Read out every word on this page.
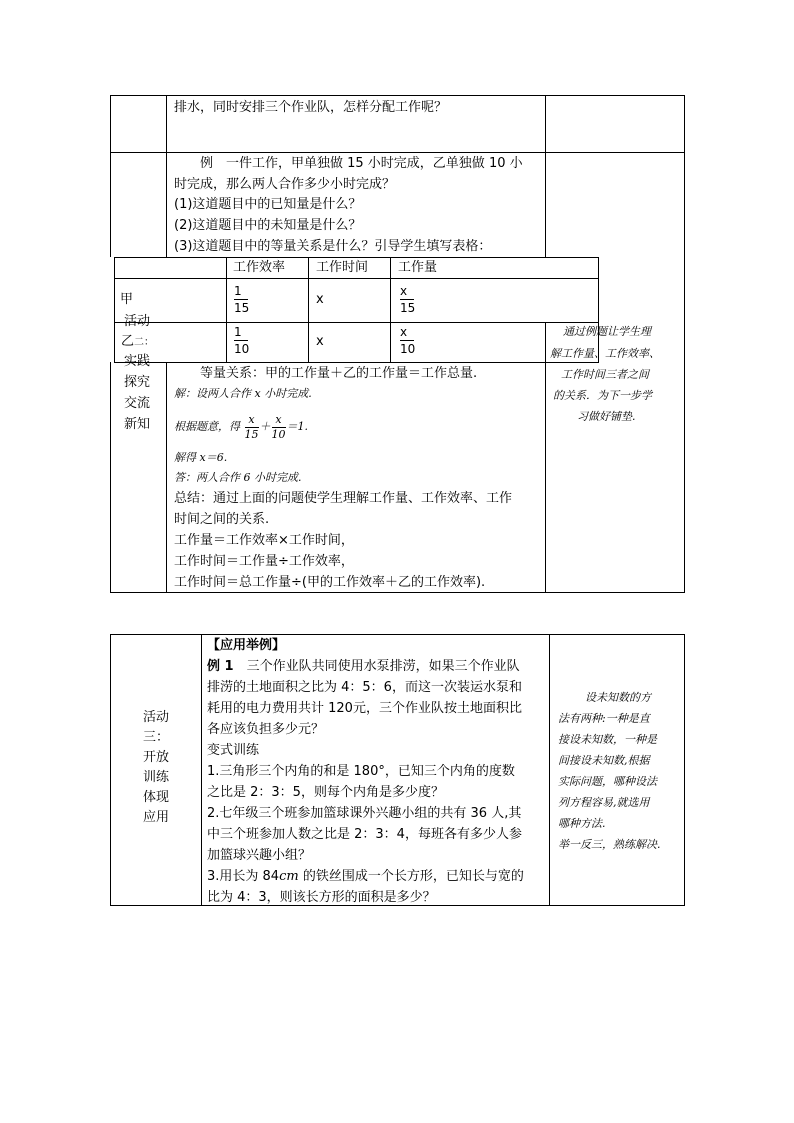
排水，同时安排三个作业队，怎样分配工作呢？
例　一件工作，甲单独做 15 小时完成，乙单独做 10 小
时完成，那么两人合作多少小时完成？
(1)这道题目中的已知量是什么？
(2)这道题目中的未知量是什么？
(3)这道题目中的等量关系是什么？引导学生填写表格：
工作效率 工作时间 工作量
甲
1
15
x
x
15
1
10	x
x
10
活动
乙二：
实践
探究
交流
新知
等量关系：甲的工作量＋乙的工作量＝工作总量.
解：设两人合作 x 小时完成.
根据题意，得 $\frac{x}{15} + \frac{x}{10} =1$.
解得 x＝6.
答：两人合作 6 小时完成.
总结：通过上面的问题使学生理解工作量、工作效率、工作
时间之间的关系.
工作量＝工作效率×工作时间，
工作时间＝工作量÷工作效率，
工作时间＝总工作量÷(甲的工作效率＋乙的工作效率).
通过例题让学生理
解工作量、工作效率、
工作时间三者之间
的关系．为下一步学
习做好铺垫.
活动
三：
开放
训练
体现
应用
【应用举例】
例 1　三个作业队共同使用水泵排涝，如果三个作业队
排涝的土地面积之比为 4：5：6，而这一次装运水泵和
耗用的电力费用共计 120元，三个作业队按土地面积比
各应该负担多少元？
变式训练
1.三角形三个内角的和是 180°，已知三个内角的度数
之比是 2：3：5，则每个内角是多少度？
2.七年级三个班参加篮球课外兴趣小组的共有 36 人,其
中三个班参加人数之比是 2：3：4，每班各有多少人参
加篮球兴趣小组？
3.用长为 84cm 的铁丝围成一个长方形，已知长与宽的
比为 4：3，则该长方形的面积是多少？
设未知数的方
法有两种:一种是直
接设未知数，一种是
间接设未知数,根据
实际问题，哪种设法
列方程容易,就选用
哪种方法.
举一反三，熟练解决.
